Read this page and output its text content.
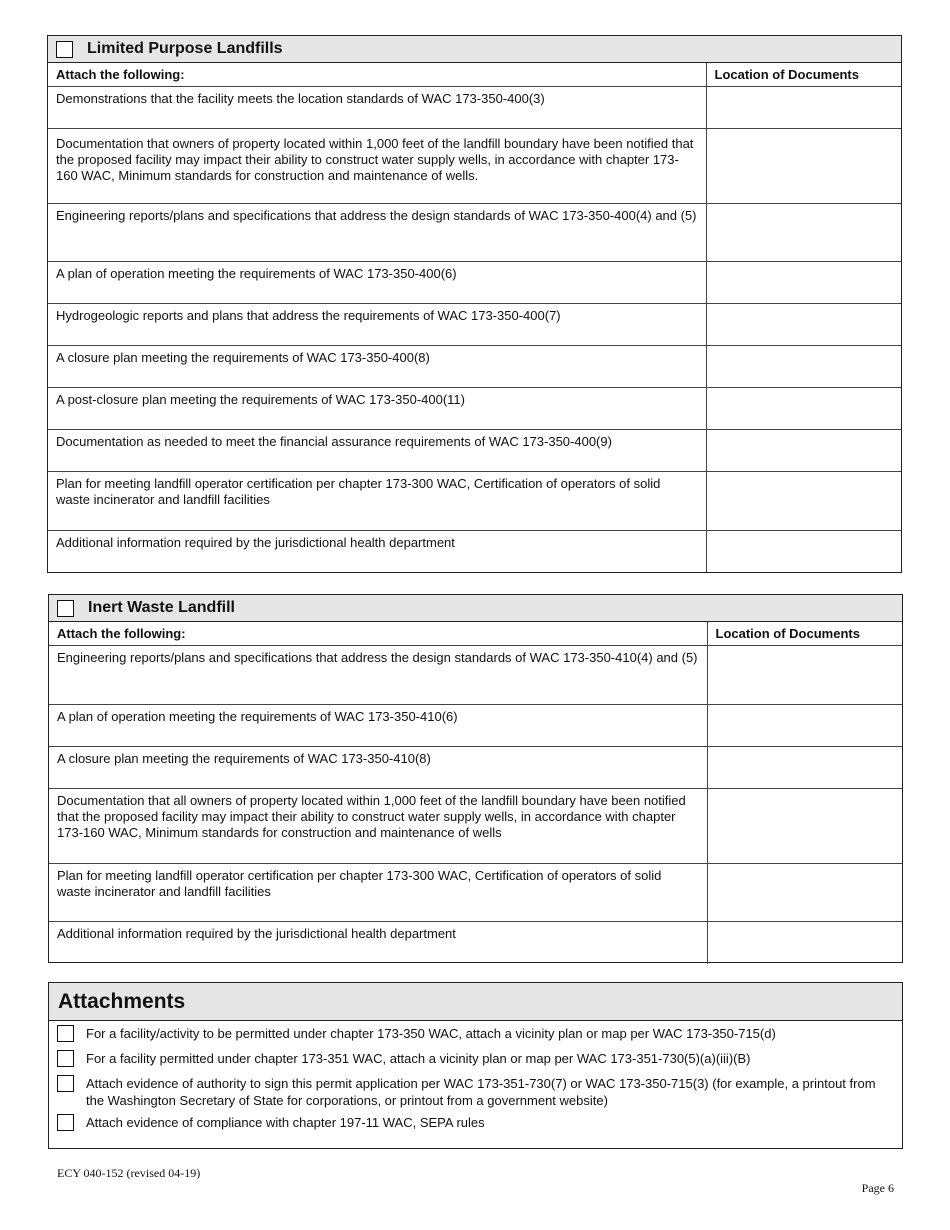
Limited Purpose Landfills
Attach the following:	Location of Documents
Demonstrations that the facility meets the location standards of WAC 173-350-400(3)	
Documentation that owners of property located within 1,000 feet of the landfill boundary have been notified that the proposed facility may impact their ability to construct water supply wells, in accordance with chapter 173-160 WAC, Minimum standards for construction and maintenance of wells.	
Engineering reports/plans and specifications that address the design standards of WAC 173-350-400(4) and (5)	
A plan of operation meeting the requirements of WAC 173-350-400(6)	
Hydrogeologic reports and plans that address the requirements of WAC 173-350-400(7)	
A closure plan meeting the requirements of WAC 173-350-400(8)	
A post-closure plan meeting the requirements of WAC 173-350-400(11)	
Documentation as needed to meet the financial assurance requirements of WAC 173-350-400(9)	
Plan for meeting landfill operator certification per chapter 173-300 WAC, Certification of operators of solid waste incinerator and landfill facilities	
Additional information required by the jurisdictional health department	
Inert Waste Landfill
Attach the following:	Location of Documents
Engineering reports/plans and specifications that address the design standards of WAC 173-350-410(4) and (5)	
A plan of operation meeting the requirements of WAC 173-350-410(6)	
A closure plan meeting the requirements of WAC 173-350-410(8)	
Documentation that all owners of property located within 1,000 feet of the landfill boundary have been notified that the proposed facility may impact their ability to construct water supply wells, in accordance with chapter 173-160 WAC, Minimum standards for construction and maintenance of wells	
Plan for meeting landfill operator certification per chapter 173-300 WAC, Certification of operators of solid waste incinerator and landfill facilities	
Additional information required by the jurisdictional health department	
Attachments
For a facility/activity to be permitted under chapter 173-350 WAC, attach a vicinity plan or map per WAC 173-350-715(d)
For a facility permitted under chapter 173-351 WAC, attach a vicinity plan or map per WAC 173-351-730(5)(a)(iii)(B)
Attach evidence of authority to sign this permit application per WAC 173-351-730(7) or WAC 173-350-715(3) (for example, a printout from the Washington Secretary of State for corporations, or printout from a government website)
Attach evidence of compliance with chapter 197-11 WAC, SEPA rules
ECY 040-152 (revised 04-19)
Page 6
